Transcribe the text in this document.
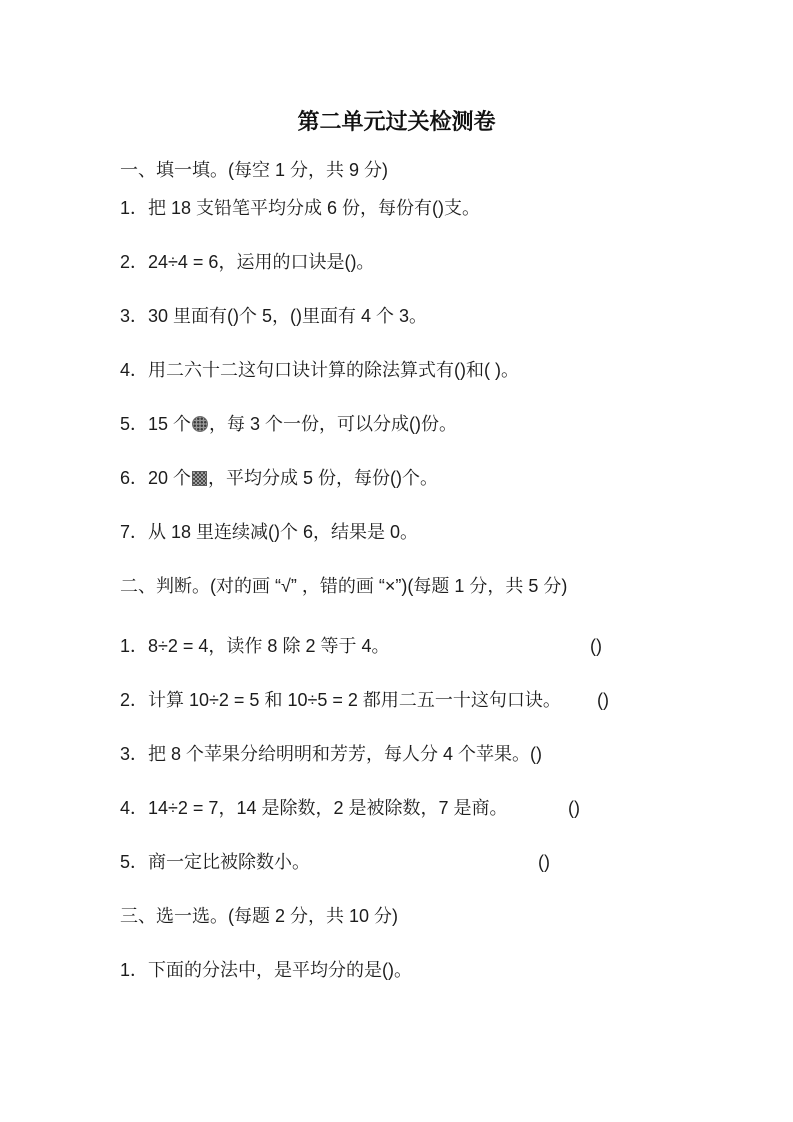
第二单元过关检测卷
一、填一填。(每空 1 分，共 9 分)
1．把 18 支铅笔平均分成 6 份，每份有()支。
2．24÷4 = 6，运用的口诀是()。
3．30 里面有()个 5，()里面有 4 个 3。
4．用二六十二这句口诀计算的除法算式有()和( )。
5．15 个 ，每 3 个一份，可以分成()份。
6．20 个 ，平均分成 5 份，每份()个。
7．从 18 里连续减()个 6，结果是 0。
二、判断。(对的画 “√” ，错的画 “×”)(每题 1 分，共 5 分)
1．8÷2 = 4，读作 8 除 2 等于 4。	()
2．计算 10÷2 = 5 和 10÷5 = 2 都用二五一十这句口诀。 ()
3．把 8 个苹果分给明明和芳芳，每人分 4 个苹果。()
4．14÷2 = 7，14 是除数，2 是被除数，7 是商。	()
5．商一定比被除数小。	()
三、选一选。(每题 2 分，共 10 分)
1．下面的分法中，是平均分的是()。
